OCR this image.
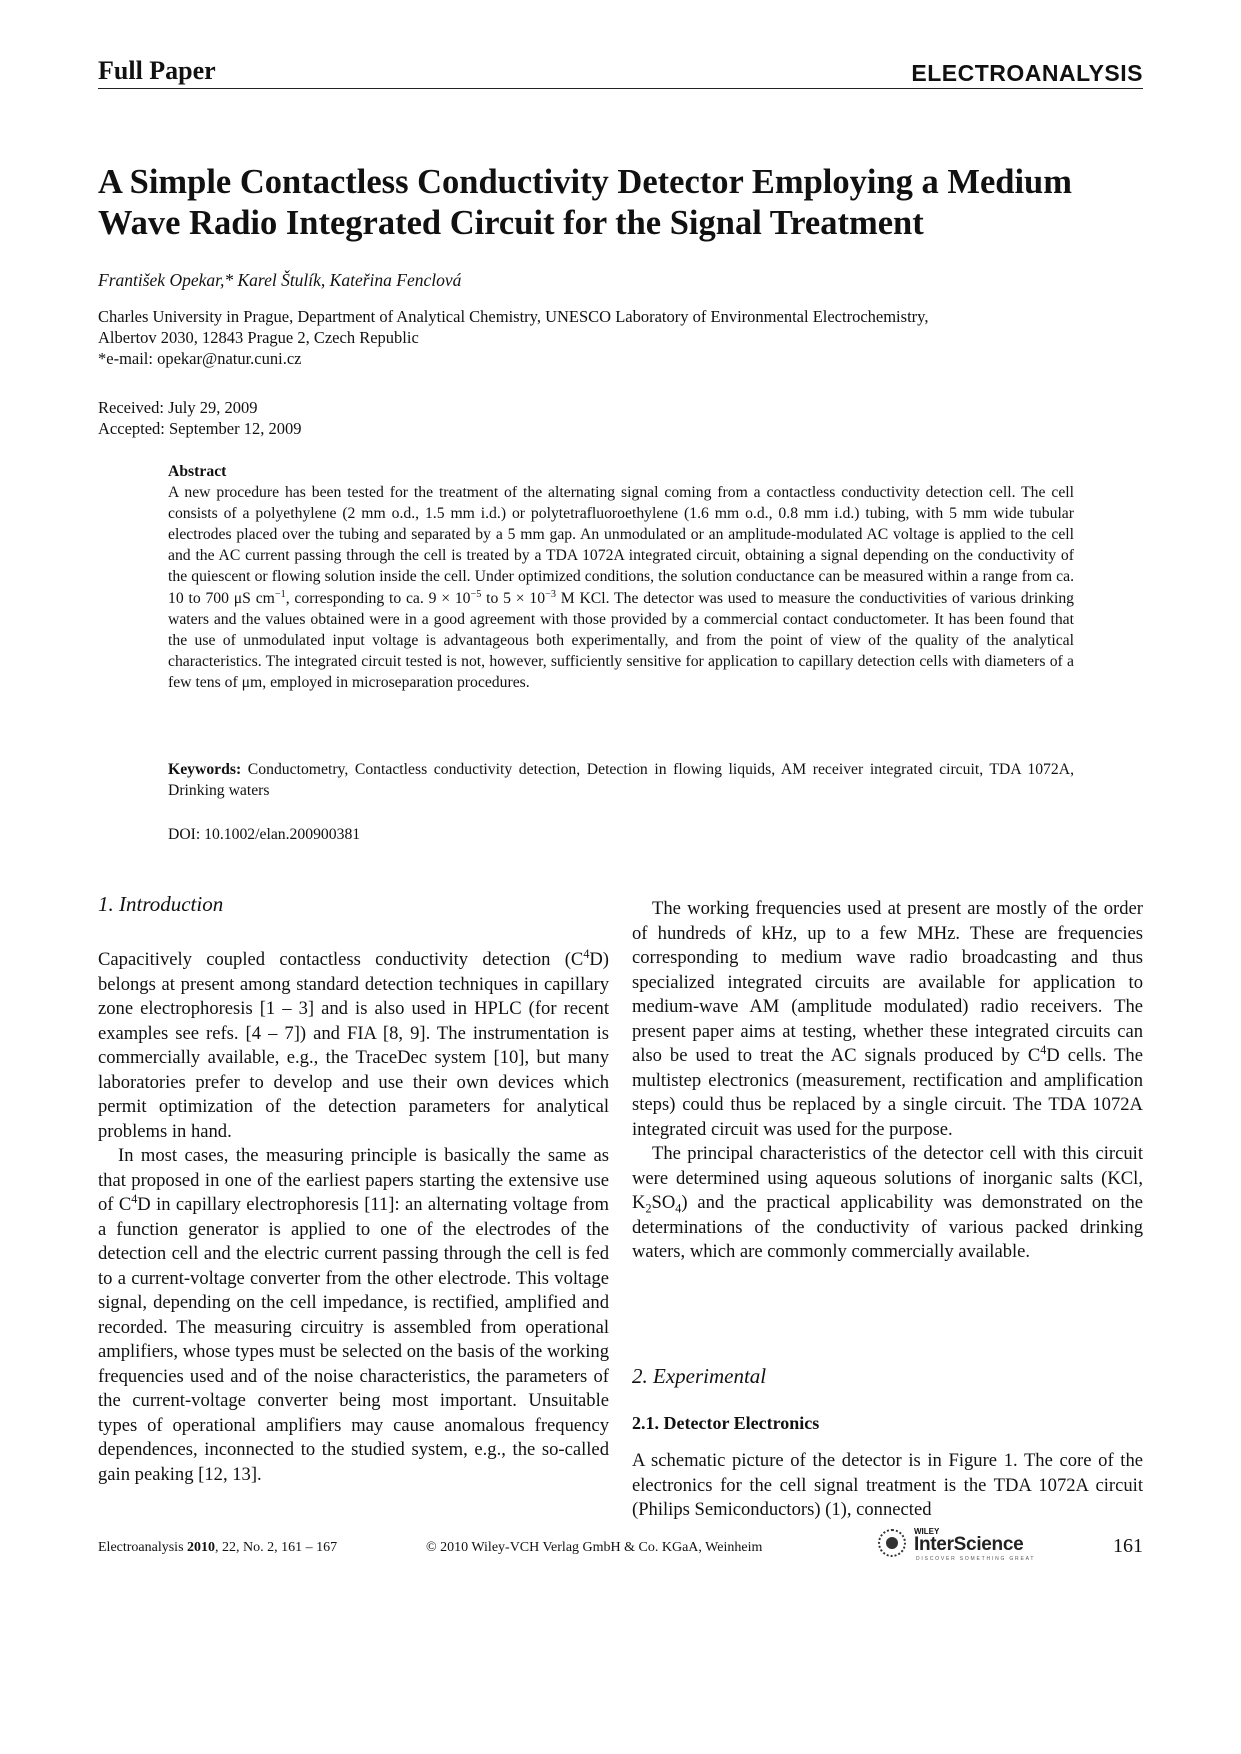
Full Paper	ELECTROANALYSIS
A Simple Contactless Conductivity Detector Employing a Medium Wave Radio Integrated Circuit for the Signal Treatment
František Opekar,* Karel Štulík, Kateřina Fenclová
Charles University in Prague, Department of Analytical Chemistry, UNESCO Laboratory of Environmental Electrochemistry,
Albertov 2030, 12843 Prague 2, Czech Republic
*e-mail: opekar@natur.cuni.cz
Received: July 29, 2009
Accepted: September 12, 2009
Abstract
A new procedure has been tested for the treatment of the alternating signal coming from a contactless conductivity detection cell. The cell consists of a polyethylene (2 mm o.d., 1.5 mm i.d.) or polytetrafluoroethylene (1.6 mm o.d., 0.8 mm i.d.) tubing, with 5 mm wide tubular electrodes placed over the tubing and separated by a 5 mm gap. An unmodulated or an amplitude-modulated AC voltage is applied to the cell and the AC current passing through the cell is treated by a TDA 1072A integrated circuit, obtaining a signal depending on the conductivity of the quiescent or flowing solution inside the cell. Under optimized conditions, the solution conductance can be measured within a range from ca. 10 to 700 μS $cm^{-1}$, corresponding to ca. $9 \times 10^{-5}$ to $5 \times 10^{-3}$ M KCl. The detector was used to measure the conductivities of various drinking waters and the values obtained were in a good agreement with those provided by a commercial contact conductometer. It has been found that the use of unmodulated input voltage is advantageous both experimentally, and from the point of view of the quality of the analytical characteristics. The integrated circuit tested is not, however, sufficiently sensitive for application to capillary detection cells with diameters of a few tens of μm, employed in microseparation procedures.
Keywords: Conductometry, Contactless conductivity detection, Detection in flowing liquids, AM receiver integrated circuit, TDA 1072A, Drinking waters
DOI: 10.1002/elan.200900381
1. Introduction

Capacitively coupled contactless conductivity detection $(C^4D)$ belongs at present among standard detection techniques in capillary zone electrophoresis [1 – 3] and is also used in HPLC (for recent examples see refs. [4 – 7]) and FIA [8, 9]. The instrumentation is commercially available, e.g., the TraceDec system [10], but many laboratories prefer to develop and use their own devices which permit optimization of the detection parameters for analytical problems in hand.

In most cases, the measuring principle is basically the same as that proposed in one of the earliest papers starting the extensive use of $C^4D$ in capillary electrophoresis [11]: an alternating voltage from a function generator is applied to one of the electrodes of the detection cell and the electric current passing through the cell is fed to a current-voltage converter from the other electrode. This voltage signal, depending on the cell impedance, is rectified, amplified and recorded. The measuring circuitry is assembled from operational amplifiers, whose types must be selected on the basis of the working frequencies used and of the noise characteristics, the parameters of the current-voltage converter being most important. Unsuitable types of operational amplifiers may cause anomalous frequency dependences, inconnected to the studied system, e.g., the so-called gain peaking [12, 13].

The working frequencies used at present are mostly of the order of hundreds of kHz, up to a few MHz. These are frequencies corresponding to medium wave radio broadcasting and thus specialized integrated circuits are available for application to medium-wave AM (amplitude modulated) radio receivers. The present paper aims at testing, whether these integrated circuits can also be used to treat the AC signals produced by $C^4D$ cells. The multistep electronics (measurement, rectification and amplification steps) could thus be replaced by a single circuit. The TDA 1072A integrated circuit was used for the purpose.

The principal characteristics of the detector cell with this circuit were determined using aqueous solutions of inorganic salts (KCl, $K_2SO_4$) and the practical applicability was demonstrated on the determinations of the conductivity of various packed drinking waters, which are commonly commercially available.

2. Experimental
2.1. Detector Electronics

A schematic picture of the detector is in Figure 1. The core of the electronics for the cell signal treatment is the TDA 1072A circuit (Philips Semiconductors) (1), connected

Electroanalysis 2010, 22, No. 2, 161 – 167	© 2010 Wiley-VCH Verlag GmbH & Co. KGaA, Weinheim
WILEY
InterScience
DISCOVER SOMETHING GREAT
161
